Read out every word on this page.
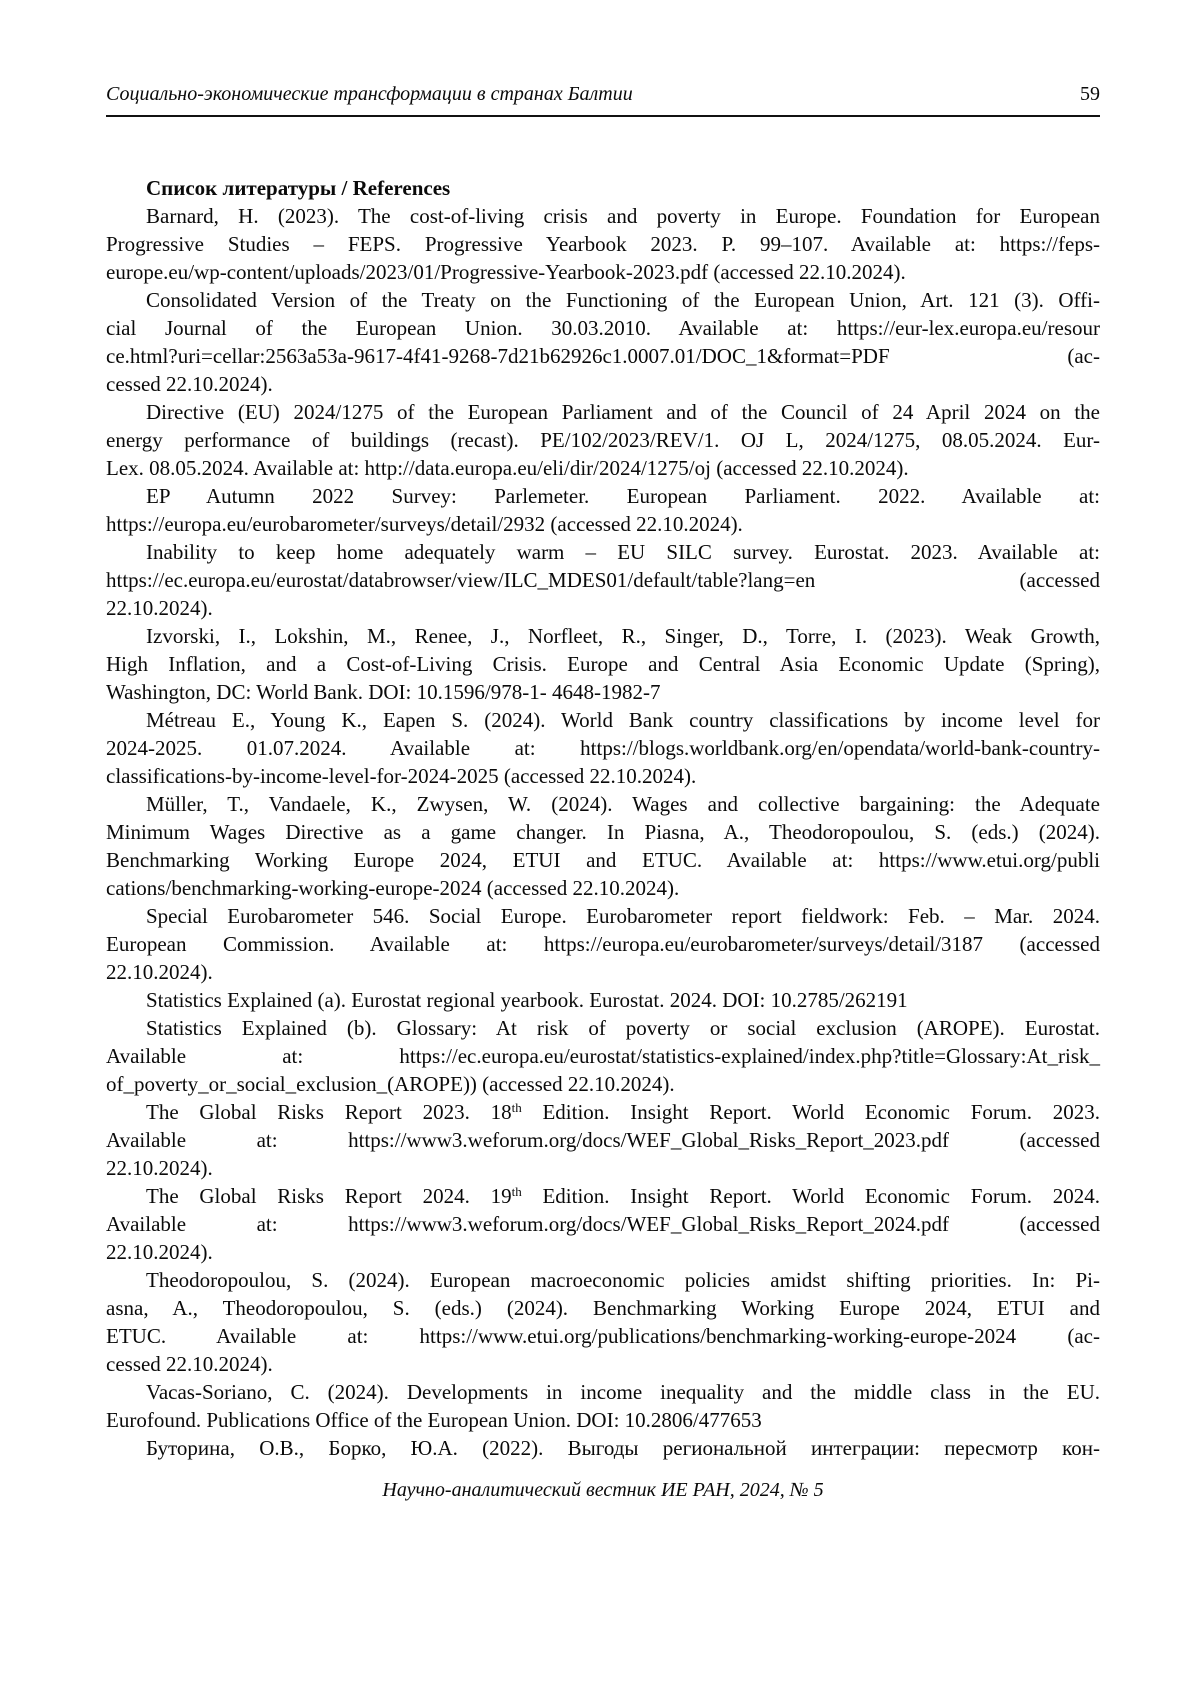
Социально-экономические трансформации в странах Балтии	59
Список литературы / References
Barnard, H. (2023). The cost-of-living crisis and poverty in Europe. Foundation for European
Progressive Studies – FEPS. Progressive Yearbook 2023. P. 99–107. Available at: https://feps-
europe.eu/wp-content/uploads/2023/01/Progressive-Yearbook-2023.pdf (accessed 22.10.2024).
Consolidated Version of the Treaty on the Functioning of the European Union, Art. 121 (3). Offi-
cial Journal of the European Union. 30.03.2010. Available at: https://eur-lex.europa.eu/resour
ce.html?uri=cellar:2563a53a-9617-4f41-9268-7d21b62926c1.0007.01/DOC_1&format=PDF (ac-
cessed 22.10.2024).
Directive (EU) 2024/1275 of the European Parliament and of the Council of 24 April 2024 on the
energy performance of buildings (recast). PE/102/2023/REV/1. OJ L, 2024/1275, 08.05.2024. Eur-
Lex. 08.05.2024. Available at: http://data.europa.eu/eli/dir/2024/1275/oj (accessed 22.10.2024).
EP Autumn 2022 Survey: Parlemeter. European Parliament. 2022. Available at:
https://europa.eu/eurobarometer/surveys/detail/2932 (accessed 22.10.2024).
Inability to keep home adequately warm – EU SILC survey. Eurostat. 2023. Available at:
https://ec.europa.eu/eurostat/databrowser/view/ILC_MDES01/default/table?lang=en (accessed
22.10.2024).
Izvorski, I., Lokshin, M., Renee, J., Norfleet, R., Singer, D., Torre, I. (2023). Weak Growth,
High Inflation, and a Cost-of-Living Crisis. Europe and Central Asia Economic Update (Spring),
Washington, DC: World Bank. DOI: 10.1596/978-1- 4648-1982-7
Métreau E., Young K., Eapen S. (2024). World Bank country classifications by income level for
2024-2025. 01.07.2024. Available at: https://blogs.worldbank.org/en/opendata/world-bank-country-
classifications-by-income-level-for-2024-2025 (accessed 22.10.2024).
Müller, T., Vandaele, K., Zwysen, W. (2024). Wages and collective bargaining: the Adequate
Minimum Wages Directive as a game changer. In Piasna, A., Theodoropoulou, S. (eds.) (2024).
Benchmarking Working Europe 2024, ETUI and ETUC. Available at: https://www.etui.org/publi
cations/benchmarking-working-europe-2024 (accessed 22.10.2024).
Special Eurobarometer 546. Social Europe. Eurobarometer report fieldwork: Feb. – Mar. 2024.
European Commission. Available at: https://europa.eu/eurobarometer/surveys/detail/3187 (accessed
22.10.2024).
Statistics Explained (a). Eurostat regional yearbook. Eurostat. 2024. DOI: 10.2785/262191
Statistics Explained (b). Glossary: At risk of poverty or social exclusion (AROPE). Eurostat.
Available at: https://ec.europa.eu/eurostat/statistics-explained/index.php?title=Glossary:At_risk_
of_poverty_or_social_exclusion_(AROPE)) (accessed 22.10.2024).
The Global Risks Report 2023. 18th Edition. Insight Report. World Economic Forum. 2023.
Available at: https://www3.weforum.org/docs/WEF_Global_Risks_Report_2023.pdf (accessed
22.10.2024).
The Global Risks Report 2024. 19th Edition. Insight Report. World Economic Forum. 2024.
Available at: https://www3.weforum.org/docs/WEF_Global_Risks_Report_2024.pdf (accessed
22.10.2024).
Theodoropoulou, S. (2024). European macroeconomic policies amidst shifting priorities. In: Pi-
asna, A., Theodoropoulou, S. (eds.) (2024). Benchmarking Working Europe 2024, ETUI and
ETUC. Available at: https://www.etui.org/publications/benchmarking-working-europe-2024 (ac-
cessed 22.10.2024).
Vacas-Soriano, C. (2024). Developments in income inequality and the middle class in the EU.
Eurofound. Publications Office of the European Union. DOI: 10.2806/477653
Буторина, О.В., Борко, Ю.А. (2022). Выгоды региональной интеграции: пересмотр кон-
Научно-аналитический вестник ИЕ РАН, 2024, № 5
